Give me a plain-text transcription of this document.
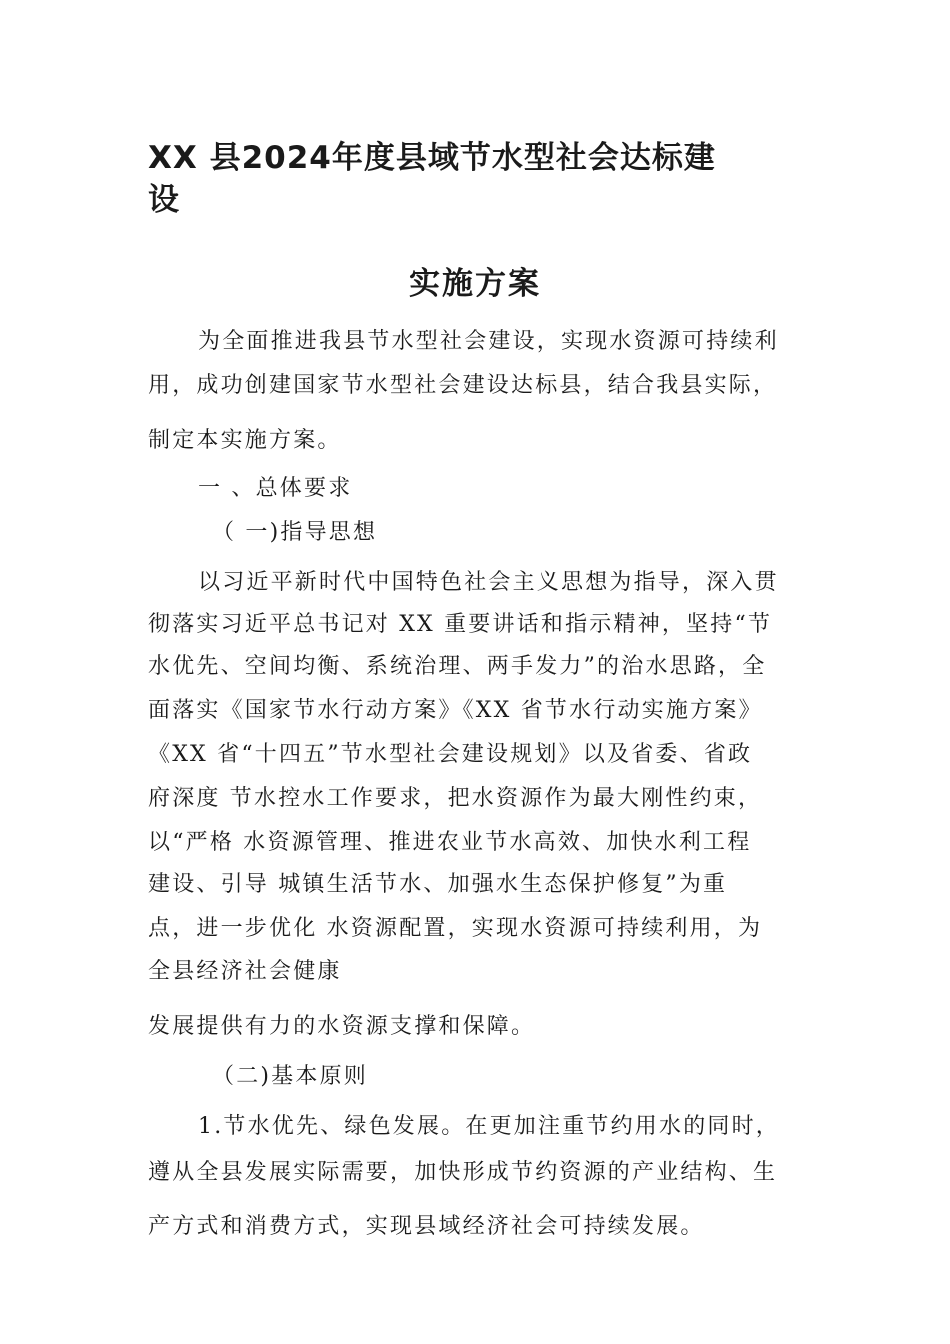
XX 县2024年度县域节水型社会达标建
设
实施方案
为全面推进我县节水型社会建设，实现水资源可持续利
用，成功创建国家节水型社会建设达标县，结合我县实际，
制定本实施方案。
一 、总体要求
（ 一)指导思想
以习近平新时代中国特色社会主义思想为指导，深入贯
彻落实习近平总书记对 XX 重要讲话和指示精神，坚持“节
水优先、空间均衡、系统治理、两手发力”的治水思路，全
面落实《国家节水行动方案》《XX 省节水行动实施方案》
《XX 省“十四五”节水型社会建设规划》以及省委、省政
府深度 节水控水工作要求，把水资源作为最大刚性约束，
以“严格 水资源管理、推进农业节水高效、加快水利工程
建设、引导 城镇生活节水、加强水生态保护修复”为重
点，进一步优化 水资源配置，实现水资源可持续利用，为
全县经济社会健康
发展提供有力的水资源支撑和保障。
（二)基本原则
1.节水优先、绿色发展。在更加注重节约用水的同时，
遵从全县发展实际需要，加快形成节约资源的产业结构、生
产方式和消费方式，实现县域经济社会可持续发展。
